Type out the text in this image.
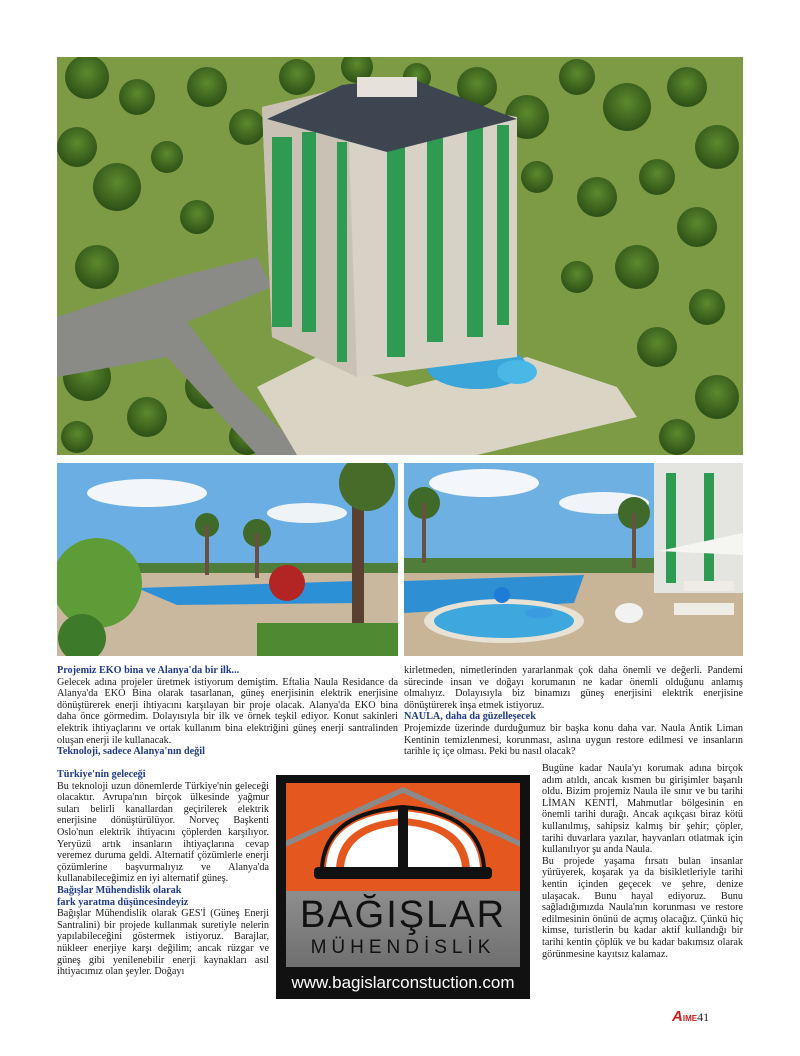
Projemiz EKO bina ve Alanya'da bir ilk...

Gelecek adına projeler üretmek istiyorum demiştim. Eftalia Naula Residance da Alanya'da EKO Bina olarak tasarlanan, güneş enerjisinin elektrik enerjisine dönüştürerek enerji ihtiyacını karşılayan bir proje olacak. Alanya'da EKO bina daha önce görmedim. Dolayısıyla bir ilk ve örnek teşkil ediyor. Konut sakinleri elektrik ihtiyaçlarını ve ortak kullanım bina elektriğini güneş enerji santralinden oluşan enerji ile kullanacak.

Teknoloji, sadece Alanya'nın değil

Türkiye'nin geleceği

Bu teknoloji uzun dönemlerde Türkiye'nin geleceği olacaktır. Avrupa'nın birçok ülkesinde yağmur suları belirli kanallardan geçirilerek elektrik enerjisine dönüştürülüyor. Norveç Başkenti Oslo'nun elektrik ihtiyacını çöplerden karşılıyor. Yeryüzü artık insanların ihtiyaçlarına cevap veremez duruma geldi. Alternatif çözümlerle enerji çözümlerine başvurmalıyız ve Alanya'da kullanabileceğimiz en iyi alternatif güneş.

Bağışlar Mühendislik olarak

fark yaratma düşüncesindeyiz

Bağışlar Mühendislik olarak GES'İ (Güneş Enerji Santralini) bir projede kullanmak suretiyle nelerin yapılabileceğini göstermek istiyoruz. Barajlar, nükleer enerjiye karşı değilim; ancak rüzgar ve güneş gibi yenilenebilir enerji kaynakları asıl ihtiyacımız olan şeyler. Doğayı

kirletmeden, nimetlerinden yararlanmak çok daha önemli ve değerli. Pandemi sürecinde insan ve doğayı korumanın ne kadar önemli olduğunu anlamış olmalıyız. Dolayısıyla biz binamızı güneş enerjisini elektrik enerjisine dönüştürerek inşa etmek istiyoruz.

NAULA, daha da güzelleşecek

Projemizde üzerinde durduğumuz bir başka konu daha var. Naula Antik Liman Kentinin temizlenmesi, korunması, aslına uygun restore edilmesi ve insanların tarihle iç içe olması. Peki bu nasıl olacak?

Bugüne kadar Naula'yı korumak adına birçok adım atıldı, ancak kısmen bu girişimler başarılı oldu. Bizim projemiz Naula ile sınır ve bu tarihi LİMAN KENTİ, Mahmutlar bölgesinin en önemli tarihi durağı. Ancak açıkçası biraz kötü kullanılmış, sahipsiz kalmış bir şehir; çöpler, tarihi duvarlara yazılar, hayvanları otlatmak için kullanılıyor şu anda Naula.

Bu projede yaşama fırsatı bulan insanlar yürüyerek, koşarak ya da bisikletleriyle tarihi kentin içinden geçecek ve şehre, denize ulaşacak. Bunu hayal ediyoruz. Bunu sağladığımızda Naula'nın korunması ve restore edilmesinin önünü de açmış olacağız. Çünkü hiç kimse, turistlerin bu kadar aktif kullandığı bir tarihi kentin çöplük ve bu kadar bakımsız olarak görünmesine kayıtsız kalamaz.

BAĞIŞLAR
MÜHENDİSLİK
www.bagislarconstuction.com
AIME41
